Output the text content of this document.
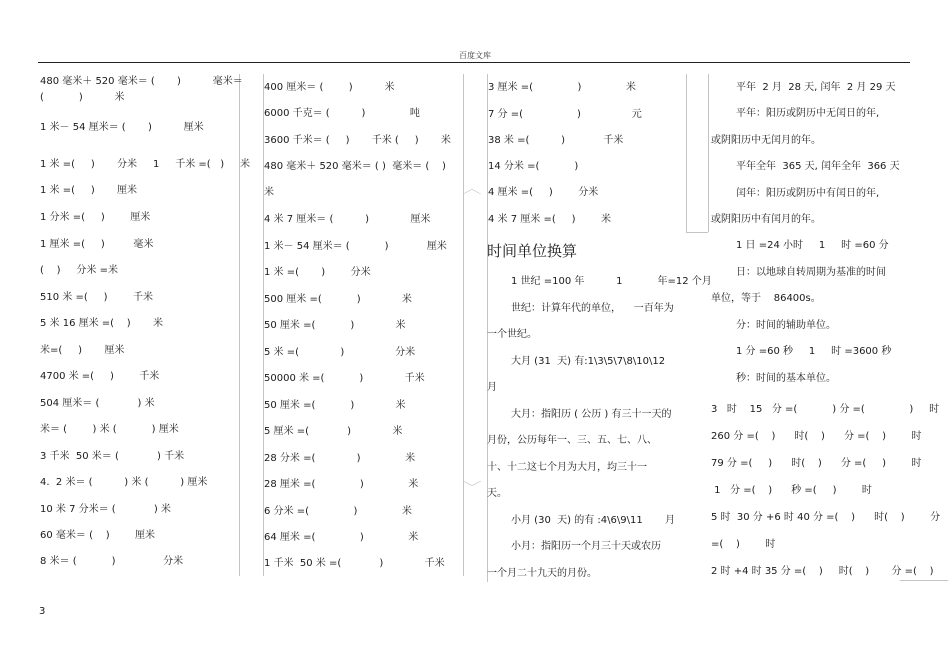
百度文库
︿
﹀
480 毫米＋ 520 毫米＝ (       )          毫米＝
(           )          米
1 米－ 54 厘米＝ (       )          厘米
1 米 =(     )       分米     1     千米 =(   )     米
1 米 =(     )       厘米
1 分米 =(     )        厘米
1 厘米 =(     )         毫米
(    )     分米 =米
510 米 =(     )        千米
5 米 16 厘米 =(    )       米
米=(     )       厘米
4700 米 =(     )        千米
504 厘米＝ (            ) 米
米＝ (        ) 米 (           ) 厘米
3 千米  50 米＝ (            ) 千米
4.  2 米＝ (          ) 米 (          ) 厘米
10 米 7 分米＝ (            ) 米
60 毫米＝ (    )        厘米
8 米＝ (           )               分米
400 厘米＝ (        )          米
6000 千克＝ (          )              吨
3600 千米＝ (     )       千米 (     )       米
480 毫米＋ 520 毫米＝ ( )  毫米＝ (    )
米
4 米 7 厘米＝ (          )             厘米
1 米－ 54 厘米＝ (           )            厘米
1 米 =(       )        分米
500 厘米 =(           )             米
50 厘米 =(           )             米
5 米 =(             )                分米
50000 米 =(           )             千米
50 厘米 =(           )             米
5 厘米 =(            )             米
28 分米 =(             )              米
28 厘米 =(              )              米
6 分米 =(              )              米
64 厘米 =(              )              米
1 千米  50 米 =(            )             千米
3 厘米 =(              )              米
7 分 =(                 )                元
38 米 =(          )            千米
14 分米 =(           )
4 厘米 =(     )        分米
4 米 7 厘米 =(     )        米
时间单位换算
1 世纪 =100 年          1           年=12 个月
世纪：计算年代的单位，    一百年为
一个世纪。
大月 (31  天) 有:1\3\5\7\8\10\12
月
大月：指阳历 ( 公历 ) 有三十一天的
月份，公历每年一、三、五、七、八、
十、十二这七个月为大月，均三十一
天。
小月 (30  天) 的有 :4\6\9\11       月
小月：指阳历一个月三十天或农历
一个月二十九天的月份。
平年  2 月  28 天, 闰年  2 月 29 天
平年：阳历或阴历中无闰日的年,
或阴阳历中无闰月的年。
平年全年  365 天, 闰年全年  366 天
闰年：阳历或阴历中有闰日的年,
或阴阳历中有闰月的年。
1 日 =24 小时     1     时 =60 分
日：以地球自转周期为基准的时间
单位，等于    86400s。
分：时间的辅助单位。
1 分 =60 秒     1     时 =3600 秒
秒：时间的基本单位。
3   时    15   分 =(           ) 分 =(              )     时
260 分 =(    )      时(    )      分 =(    )        时
79 分 =(     )      时(    )      分 =(     )        时
1   分 =(    )      秒 =(     )        时
5 时  30 分 +6 时 40 分 =(    )      时(    )        分
=(    )        时
2 时 +4 时 35 分 =(    )     时(    )       分 =(    )
3
